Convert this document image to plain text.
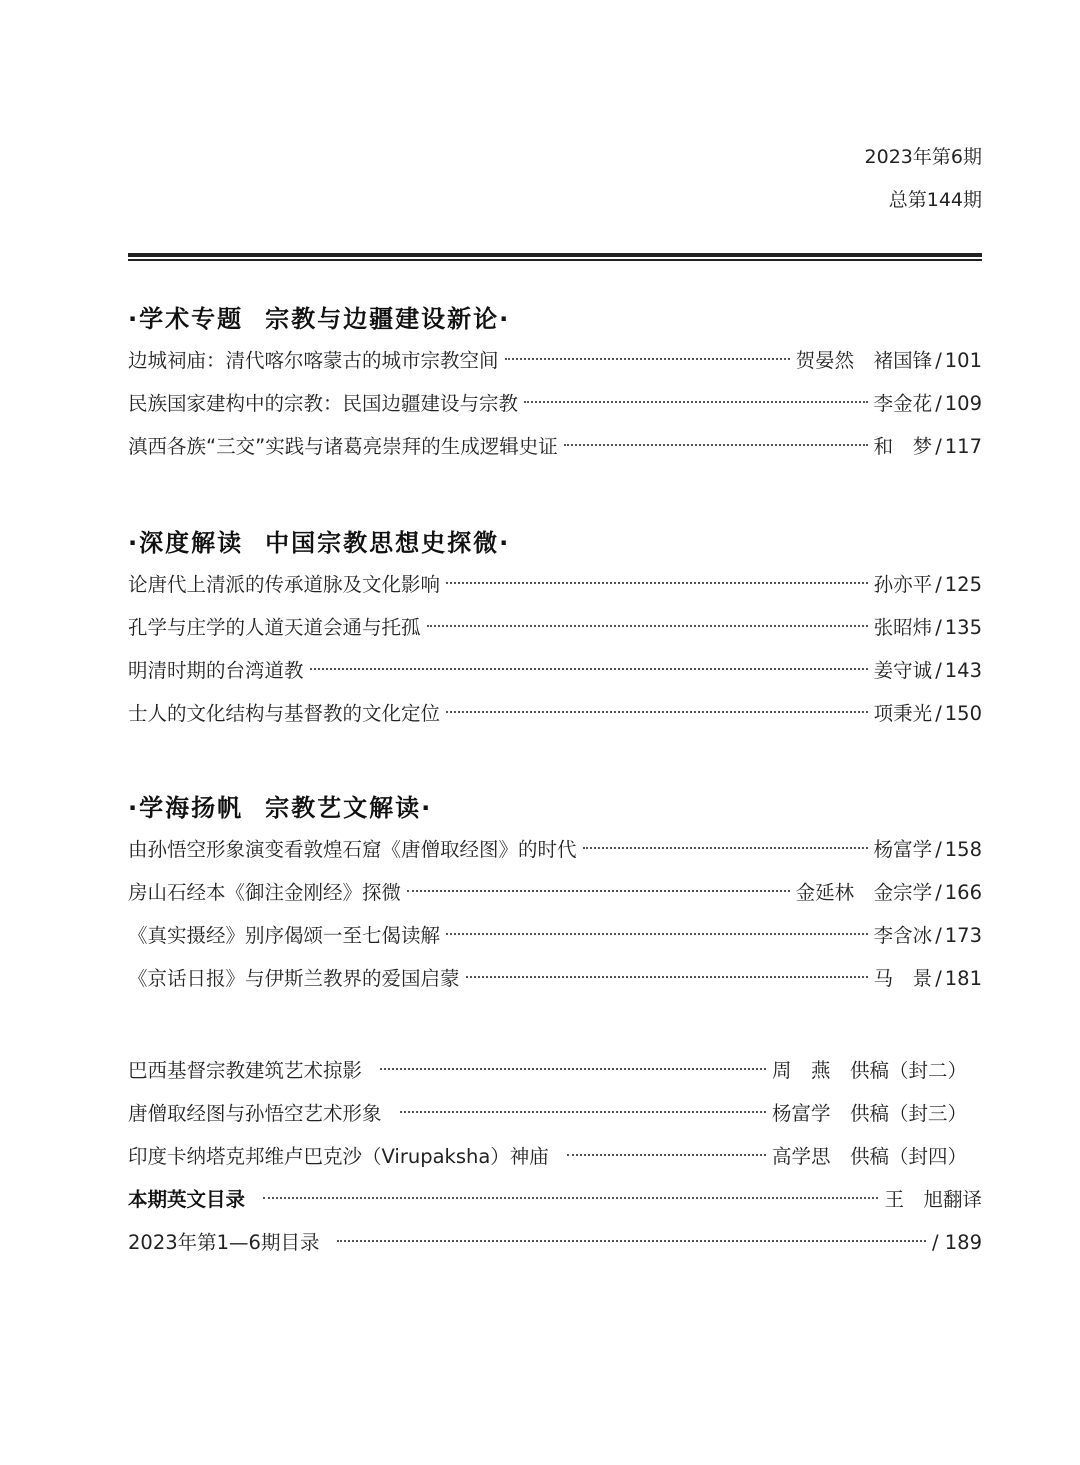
2023年第6期
总第144期
·学术专题 宗教与边疆建设新论·
边城祠庙：清代喀尔喀蒙古的城市宗教空间	贺晏然　褚国锋 / 101
民族国家建构中的宗教：民国边疆建设与宗教	李金花 / 109
滇西各族“三交”实践与诸葛亮崇拜的生成逻辑史证	和　梦 / 117
·深度解读 中国宗教思想史探微·
论唐代上清派的传承道脉及文化影响	孙亦平 / 125
孔学与庄学的人道天道会通与托孤	张昭炜 / 135
明清时期的台湾道教	姜守诚 / 143
士人的文化结构与基督教的文化定位	项秉光 / 150
·学海扬帆 宗教艺文解读·
由孙悟空形象演变看敦煌石窟《唐僧取经图》的时代	杨富学 / 158
房山石经本《御注金刚经》探微	金延林　金宗学 / 166
《真实摄经》别序偈颂一至七偈读解	李含冰 / 173
《京话日报》与伊斯兰教界的爱国启蒙	马　景 / 181
巴西基督宗教建筑艺术掠影	周　燕　供稿（封二）
唐僧取经图与孙悟空艺术形象	杨富学　供稿（封三）
印度卡纳塔克邦维卢巴克沙（Virupaksha）神庙	高学思　供稿（封四）
本期英文目录	王　旭翻译
2023年第1—6期目录	/ 189
